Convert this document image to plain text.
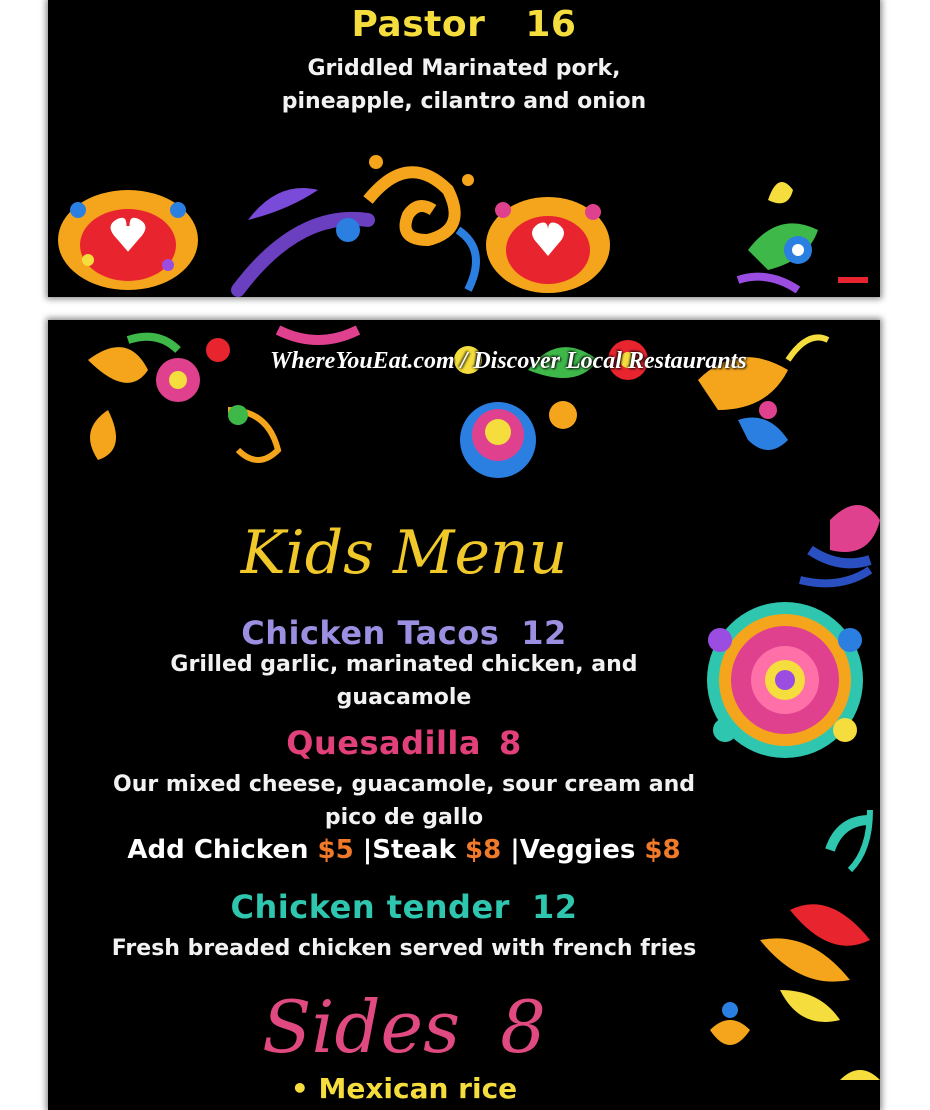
Pastor 16
Griddled Marinated pork,
pineapple, cilantro and onion
WhereYouEat.com / Discover Local Restaurants
Kids Menu
Chicken Tacos 12
Grilled garlic, marinated chicken, and
guacamole
Quesadilla 8
Our mixed cheese, guacamole, sour cream and
pico de gallo
Add Chicken $5 |Steak $8 |Veggies $8
Chicken tender 12
Fresh breaded chicken served with french fries
Sides 8
• Mexican rice
